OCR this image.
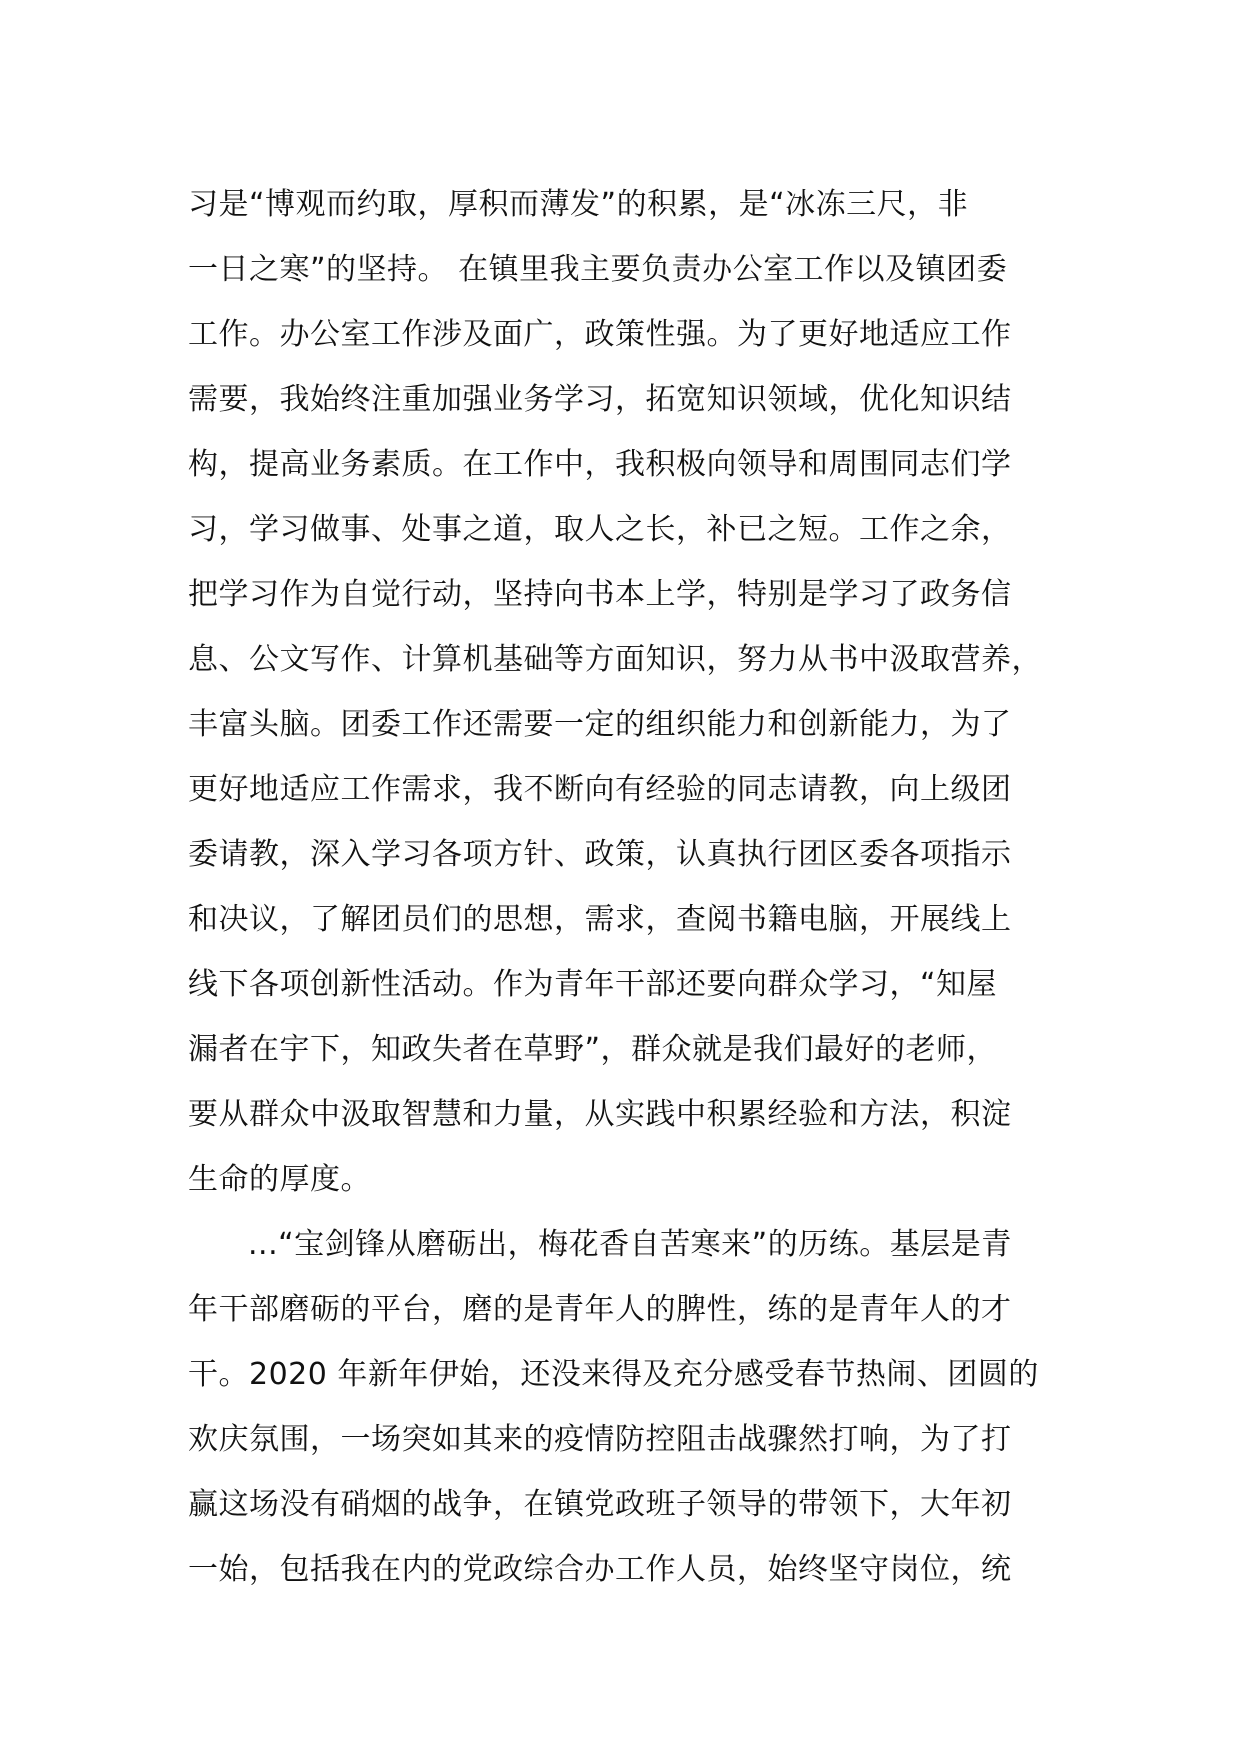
习是“博观而约取，厚积而薄发”的积累，是“冰冻三尺，非
一日之寒”的坚持。 在镇里我主要负责办公室工作以及镇团委
工作。办公室工作涉及面广，政策性强。为了更好地适应工作
需要，我始终注重加强业务学习，拓宽知识领域，优化知识结
构，提高业务素质。在工作中，我积极向领导和周围同志们学
习，学习做事、处事之道，取人之长，补已之短。工作之余，
把学习作为自觉行动，坚持向书本上学，特别是学习了政务信
息、公文写作、计算机基础等方面知识，努力从书中汲取营养，
丰富头脑。团委工作还需要一定的组织能力和创新能力，为了
更好地适应工作需求，我不断向有经验的同志请教，向上级团
委请教，深入学习各项方针、政策，认真执行团区委各项指示
和决议，了解团员们的思想，需求，查阅书籍电脑，开展线上
线下各项创新性活动。作为青年干部还要向群众学习，“知屋
漏者在宇下，知政失者在草野”，群众就是我们最好的老师，
要从群众中汲取智慧和力量，从实践中积累经验和方法，积淀
生命的厚度。
...“宝剑锋从磨砺出，梅花香自苦寒来”的历练。基层是青
年干部磨砺的平台，磨的是青年人的脾性，练的是青年人的才
干。2020 年新年伊始，还没来得及充分感受春节热闹、团圆的
欢庆氛围，一场突如其来的疫情防控阻击战骤然打响，为了打
赢这场没有硝烟的战争，在镇党政班子领导的带领下，大年初
一始，包括我在内的党政综合办工作人员，始终坚守岗位，统
